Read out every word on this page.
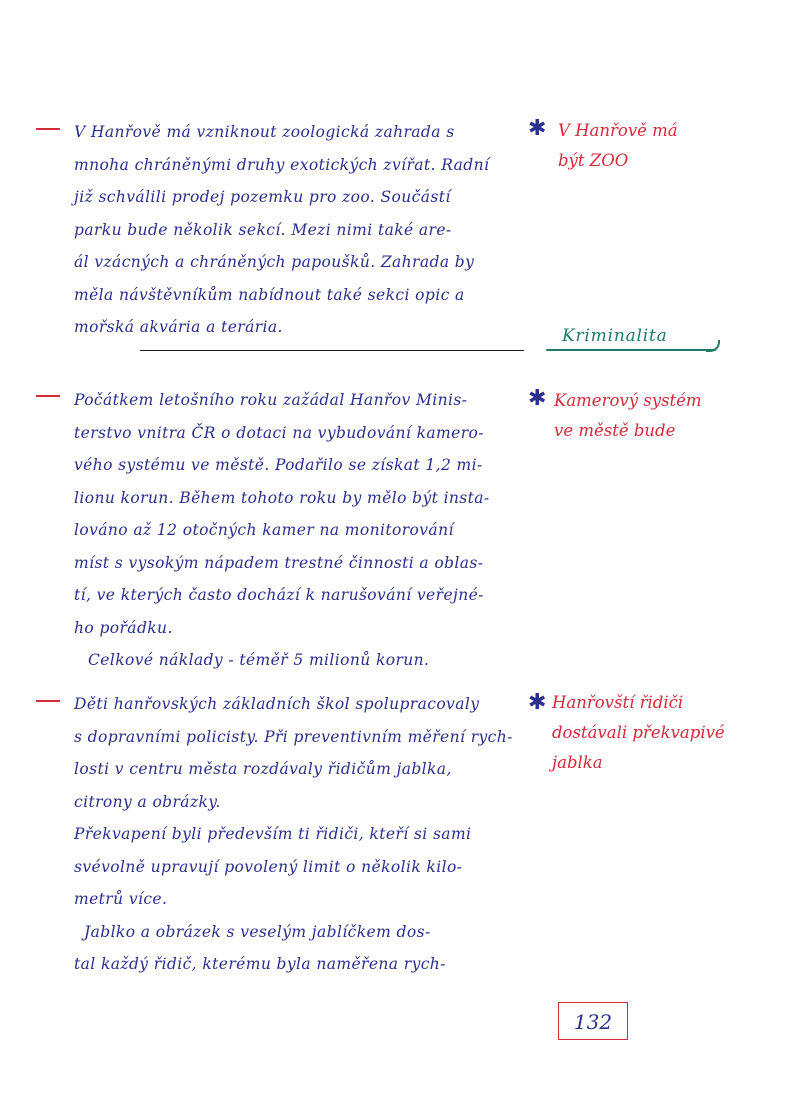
V Hanřově má vzniknout zoologická zahrada s
mnoha chráněnými druhy exotických zvířat. Radní
již schválili prodej pozemku pro zoo. Součástí
parku bude několik sekcí. Mezi nimi také are-
ál vzácných a chráněných papoušků. Zahrada by
měla návštěvníkům nabídnout také sekci opic a
mořská akvária a terária.
✱ V Hanřově má
být ZOO
Kriminalita
Počátkem letošního roku zažádal Hanřov Minis-
terstvo vnitra ČR o dotaci na vybudování kamero-
vého systému ve městě. Podařilo se získat 1,2 mi-
lionu korun. Během tohoto roku by mělo být insta-
lováno až 12 otočných kamer na monitorování
míst s vysokým nápadem trestné činnosti a oblas-
tí, ve kterých často dochází k narušování veřejné-
ho pořádku.
Celkové náklady - téměř 5 milionů korun.
✱ Kamerový systém
ve městě bude
Děti hanřovských základních škol spolupracovaly
s dopravními policisty. Při preventivním měření rych-
losti v centru města rozdávaly řidičům jablka,
citrony a obrázky.
Překvapení byli především ti řidiči, kteří si sami
svévolně upravují povolený limit o několik kilo-
metrů více.
Jablko a obrázek s veselým jablíčkem dos-
tal každý řidič, kterému byla naměřena rych-
✱ Hanřovští řidiči
dostávali překvapivé
jablka
132
